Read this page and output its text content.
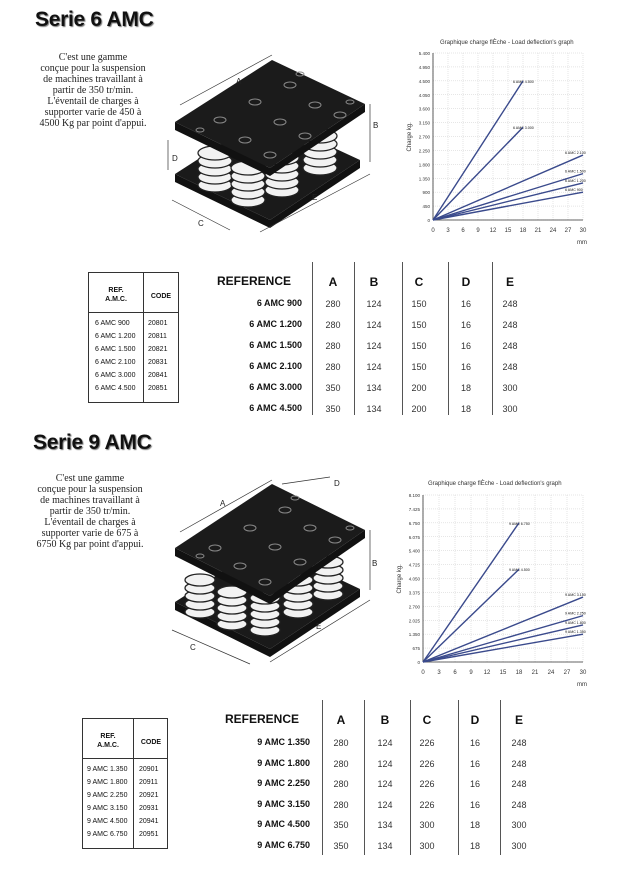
Serie 6 AMC
C'est une gamme
conçue pour la suspension
de machines travaillant à
partir de 350 tr/min.
L'éventail de charges à
supporter varie de 450 à
4500 Kg par point d'appui.
A
B
C
D
E
Graphique charge flÈche - Load deflection's graph
0 3 6 9 12 15 18 21 24 27 30
0
450
900
1.350
1.800
2.250
2.700
3.150
3.600
4.050
4.500
4.950
5.400
Charge kg.
mm
6 AMC 4.500
6 AMC 3.000
6 AMC 2.100
6 AMC 1.500
6 AMC 1.200
6 AMC 900
REF.
A.M.C.	CODE
6 AMC 900	20801
6 AMC 1.200 20811
6 AMC 1.500 20821
6 AMC 2.100 20831
6 AMC 3.000 20841
6 AMC 4.500 20851
REFERENCE	A	B	C	D	E
6 AMC 900	280	124	150	16	248
6 AMC 1.200	280	124	150	16	248
6 AMC 1.500	280	124	150	16	248
6 AMC 2.100	280	124	150	16	248
6 AMC 3.000	350	134	200	18	300
6 AMC 4.500	350	134	200	18	300
Serie 9 AMC
C'est une gamme
conçue pour la suspension
de machines travaillant à
partir de 350 tr/min.
L'éventail de charges à
supporter varie de 675 à
6750 Kg par point d'appui.
A
B
C
D
E
Graphique charge flÈche - Load deflection's graph
0 3 6 9 12 15 18 21 24 27 30
0
675
1.350
2.025
2.700
3.375
4.050
4.725
5.400
6.075
6.750
7.425
8.100
Charge kg.
mm
9 AMC 6.750
9 AMC 4.500
9 AMC 3.150
9 AMC 2.250
9 AMC 1.800
9 AMC 1.350
REF.
A.M.C.	CODE
9 AMC 1.350 20901
9 AMC 1.800 20911
9 AMC 2.250 20921
9 AMC 3.150 20931
9 AMC 4.500 20941
9 AMC 6.750 20951
REFERENCE	A	B	C	D	E
9 AMC 1.350	280	124	226	16	248
9 AMC 1.800	280	124	226	16	248
9 AMC 2.250	280	124	226	16	248
9 AMC 3.150	280	124	226	16	248
9 AMC 4.500	350	134	300	18	300
9 AMC 6.750	350	134	300	18	300
